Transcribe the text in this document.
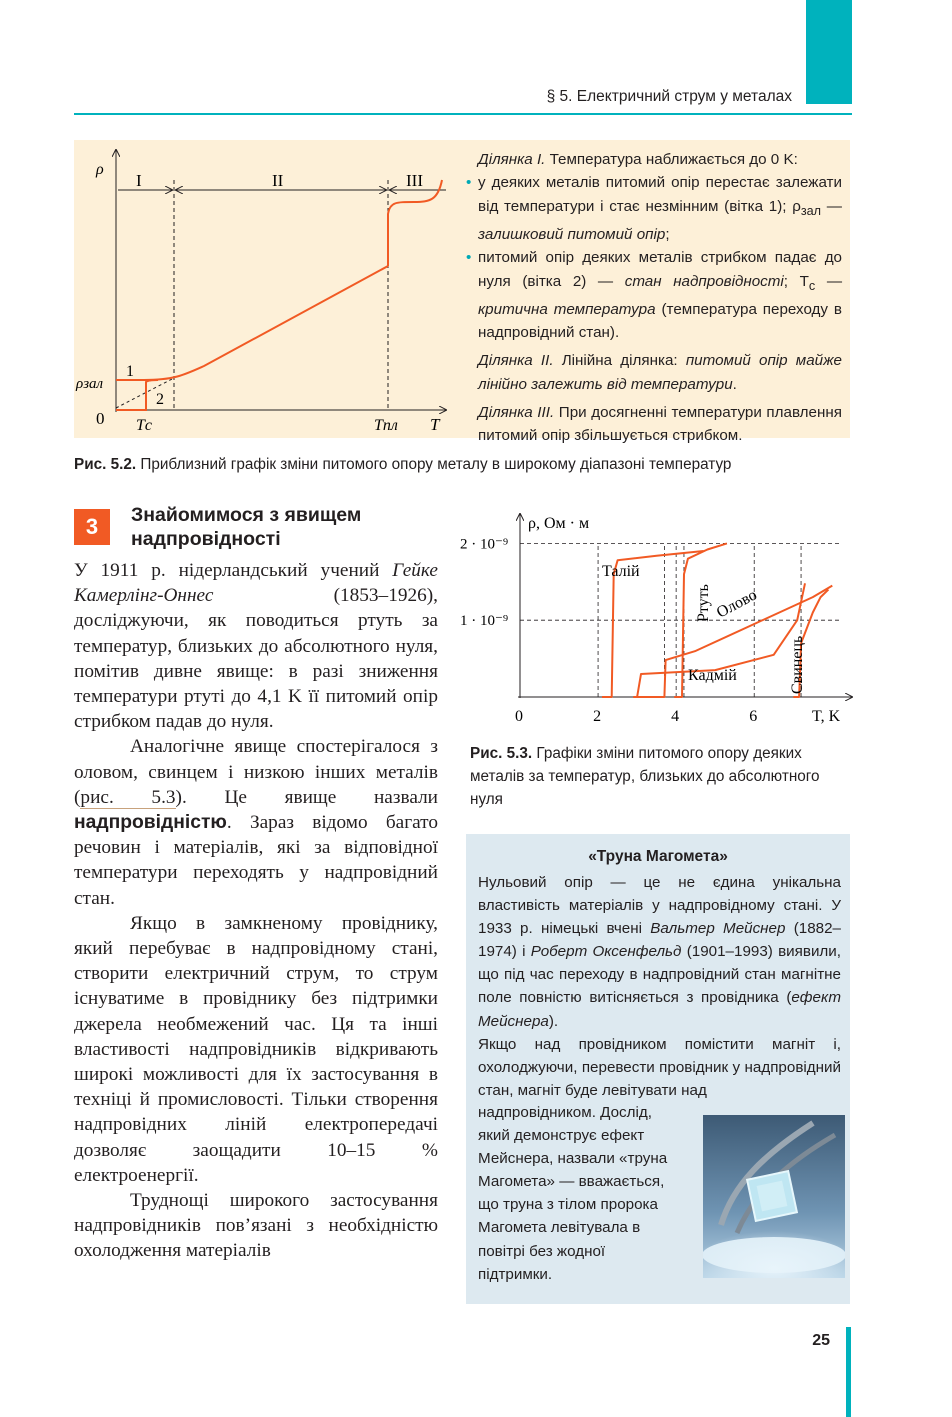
§ 5. Електричний струм у металах
ρ
T
I	II	III
ρзал
0 Tс	Tпл
1
2

Ділянка I. Температура наближається до 0 K:

• у деяких металів питомий опір перестає залежати від температури і стає незмінним (вітка 1); $\rho_{зал}$ — залишковий питомий опір;

• питомий опір деяких металів стрибком падає до нуля (вітка 2) — стан надпровідності; $T_с$ — критична температура (температура переходу в надпровідний стан).

Ділянка II. Лінійна ділянка: питомий опір майже лінійно залежить від температури.

Ділянка III. При досягненні температури плавлення питомий опір збільшується стрибком.

Рис. 5.2. Приблизний графік зміни питомого опору металу в широкому діапазоні температур
3	Знайомимося з явищем надпровідності

У 1911 р. нідерландський учений Гейке Камерлінг-Оннес (1853–1926), досліджуючи, як поводиться ртуть за температур, близьких до абсолютного нуля, помітив дивне явище: в разі зниження температури ртуті до 4,1 K її питомий опір стрибком падав до нуля.

Аналогічне явище спостерігалося з оловом, свинцем і низкою інших металів (рис. 5.3). Це явище назвали надпровідністю. Зараз відомо багато речовин і матеріалів, які за відповідної температури переходять у надпровідний стан.

Якщо в замкненому провіднику, який перебуває в надпровідному стані, створити електричний струм, то струм існуватиме в провіднику без підтримки джерела необмежений час. Ця та інші властивості надпровідників відкривають широкі можливості для їх застосування в техніці й промисловості. Тільки створення надпровідних ліній електропередачі дозволяє заощадити 10–15 % електроенергії.

Труднощі широкого застосування надпровідників пов’язані з необхідністю охолодження матеріалів

1 · 10⁻⁹
2 · 10⁻⁹
0	2	4	6
Талій
Ртуть Олово
Кадмій	Свинець
ρ, Ом · м
T, K
Рис. 5.3. Графіки зміни питомого опору деяких металів за температур, близьких до абсолютного нуля
«Труна Магомета»

Нульовий опір — це не єдина унікальна властивість матеріалів у надпровідному стані. У 1933 р. німецькі вчені Вальтер Мейснер (1882–1974) і Роберт Оксенфельд (1901–1993) виявили, що під час переходу в надпровідний стан магнітне поле повністю витісняється з провідника (ефект Мейснера).

Якщо над провідником помістити магніт і, охолоджуючи, перевести провідник у надпровідний стан, магніт буде левітувати над

надпровідником. Дослід, який демонструє ефект Мейснера, назвали «труна Магомета» — вважається, що труна з тілом пророка Магомета левітувала в повітрі без жодної підтримки.
25
